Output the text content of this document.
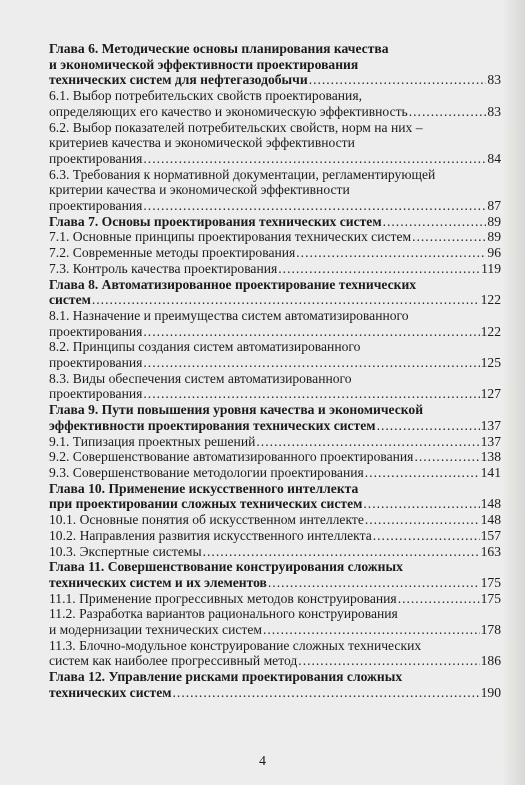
Глава 6. Методические основы планирования качества
и экономической эффективности проектирования
технических систем для нефтегазодобычи .....	83
6.1. Выбор потребительских свойств проектирования,
определяющих его качество и экономическую эффективность .....	83
6.2. Выбор показателей потребительских свойств, норм на них –
критериев качества и экономической эффективности
проектирования .....	84
6.3. Требования к нормативной документации, регламентирующей
критерии качества и экономической эффективности
проектирования .....	87
Глава 7. Основы проектирования технических систем .....	89
7.1. Основные принципы проектирования технических систем .....	89
7.2. Современные методы проектирования .....	96
7.3. Контроль качества проектирования .....	119
Глава 8. Автоматизированное проектирование технических
систем .....	122
8.1. Назначение и преимущества систем автоматизированного
проектирования .....	122
8.2. Принципы создания систем автоматизированного
проектирования .....	125
8.3. Виды обеспечения систем автоматизированного
проектирования .....	127
Глава 9. Пути повышения уровня качества и экономической
эффективности проектирования технических систем .....	137
9.1. Типизация проектных решений .....	137
9.2. Совершенствование автоматизированного проектирования .....	138
9.3. Совершенствование методологии проектирования .....	141
Глава 10. Применение искусственного интеллекта
при проектировании сложных технических систем .....	148
10.1. Основные понятия об искусственном интеллекте .....	148
10.2. Направления развития искусственного интеллекта .....	157
10.3. Экспертные системы .....	163
Глава 11. Совершенствование конструирования сложных
технических систем и их элементов .....	175
11.1. Применение прогрессивных методов конструирования .....	175
11.2. Разработка вариантов рационального конструирования
и модернизации технических систем .....	178
11.3. Блочно-модульное конструирование сложных технических
систем как наиболее прогрессивный метод .....	186
Глава 12. Управление рисками проектирования сложных
технических систем .....	190
4
